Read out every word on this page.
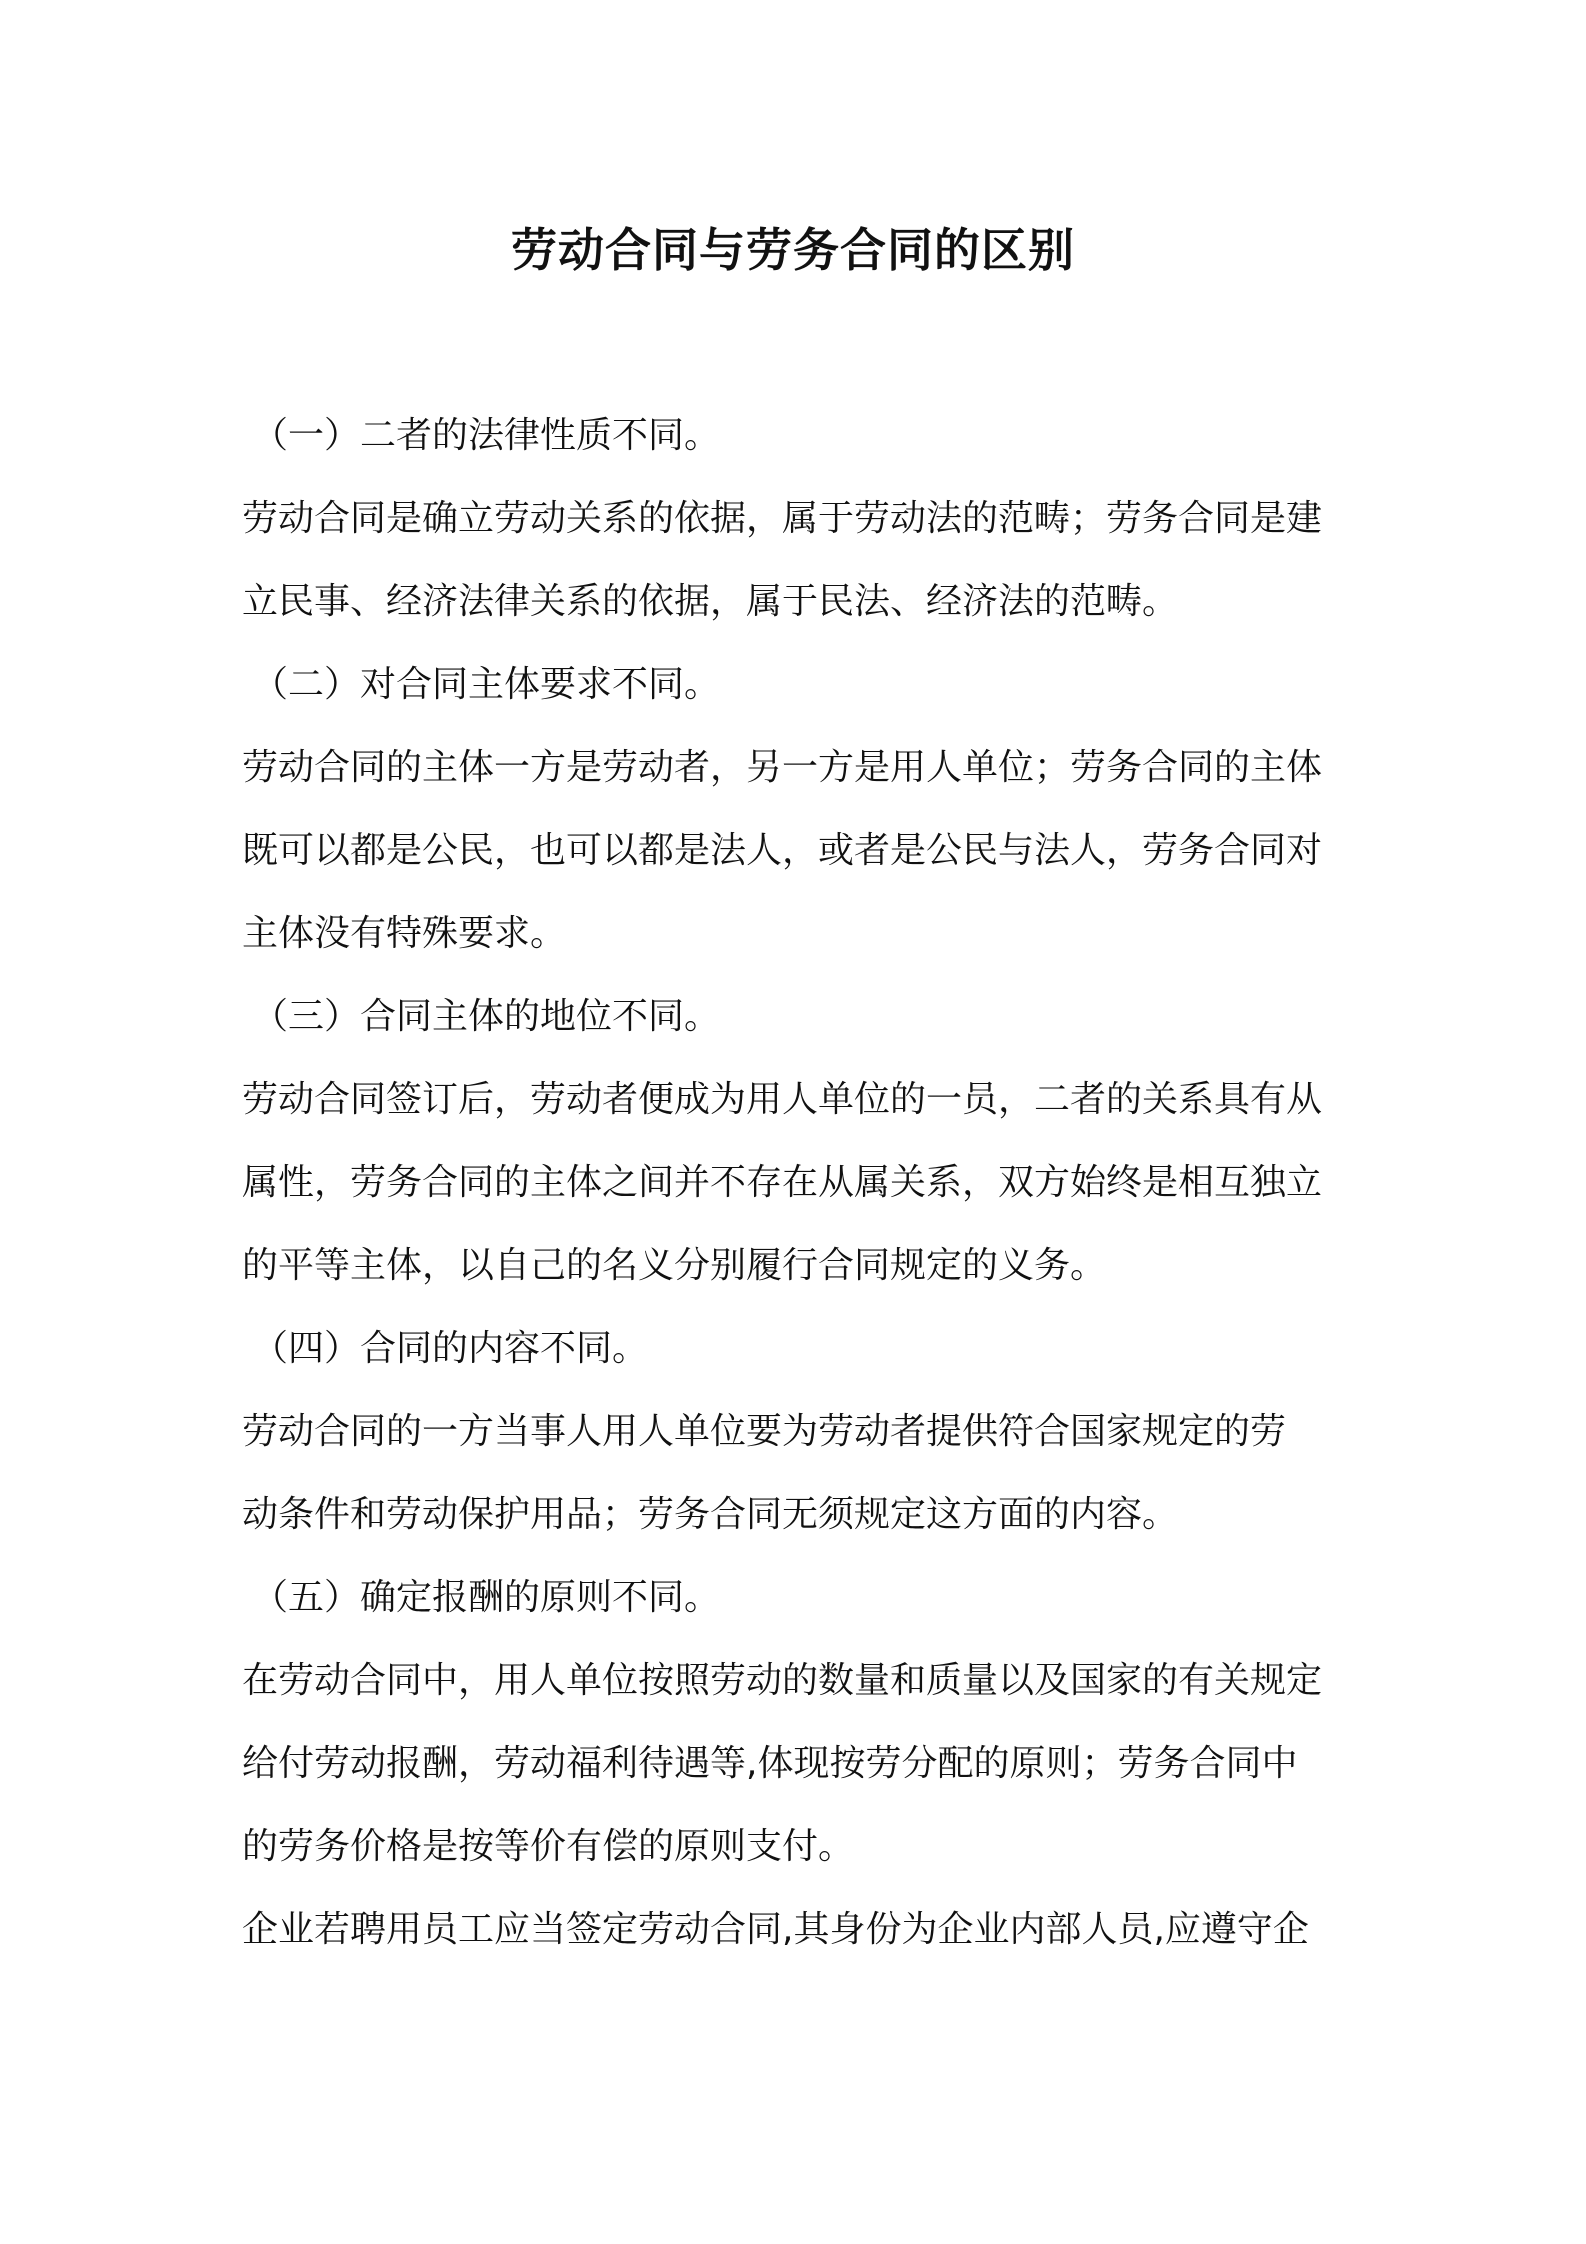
劳动合同与劳务合同的区别

（一）二者的法律性质不同。

劳动合同是确立劳动关系的依据，属于劳动法的范畴；劳务合同是建

立民事、经济法律关系的依据，属于民法、经济法的范畴。

（二）对合同主体要求不同。

劳动合同的主体一方是劳动者，另一方是用人单位；劳务合同的主体

既可以都是公民，也可以都是法人，或者是公民与法人，劳务合同对

主体没有特殊要求。

（三）合同主体的地位不同。

劳动合同签订后，劳动者便成为用人单位的一员，二者的关系具有从

属性，劳务合同的主体之间并不存在从属关系，双方始终是相互独立

的平等主体，以自己的名义分别履行合同规定的义务。

（四）合同的内容不同。

劳动合同的一方当事人用人单位要为劳动者提供符合国家规定的劳

动条件和劳动保护用品；劳务合同无须规定这方面的内容。

（五）确定报酬的原则不同。

在劳动合同中，用人单位按照劳动的数量和质量以及国家的有关规定

给付劳动报酬，劳动福利待遇等,体现按劳分配的原则；劳务合同中

的劳务价格是按等价有偿的原则支付。

企业若聘用员工应当签定劳动合同,其身份为企业内部人员,应遵守企
